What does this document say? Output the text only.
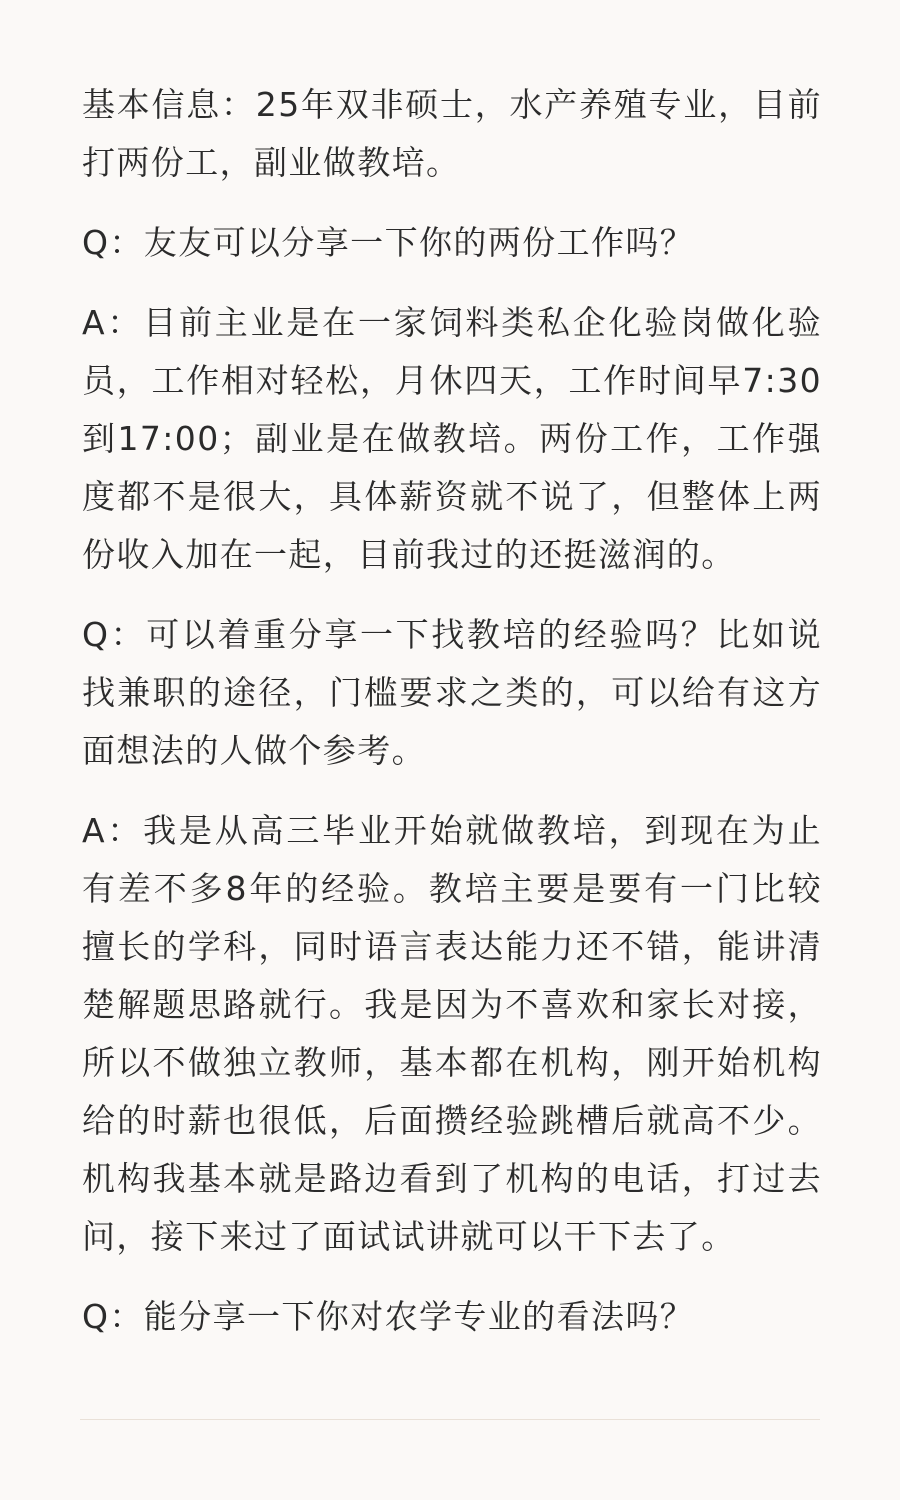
基本信息：25年双非硕士，水产养殖专业，目前打两份工，副业做教培。

Q：友友可以分享一下你的两份工作吗？

A：目前主业是在一家饲料类私企化验岗做化验员，工作相对轻松，月休四天，工作时间早7:30到17:00；副业是在做教培。两份工作，工作强度都不是很大，具体薪资就不说了，但整体上两份收入加在一起，目前我过的还挺滋润的。

Q：可以着重分享一下找教培的经验吗？比如说找兼职的途径，门槛要求之类的，可以给有这方面想法的人做个参考。

A：我是从高三毕业开始就做教培，到现在为止有差不多8年的经验。教培主要是要有一门比较擅长的学科，同时语言表达能力还不错，能讲清楚解题思路就行。我是因为不喜欢和家长对接，所以不做独立教师，基本都在机构，刚开始机构给的时薪也很低，后面攒经验跳槽后就高不少。机构我基本就是路边看到了机构的电话，打过去问，接下来过了面试试讲就可以干下去了。

Q：能分享一下你对农学专业的看法吗？
